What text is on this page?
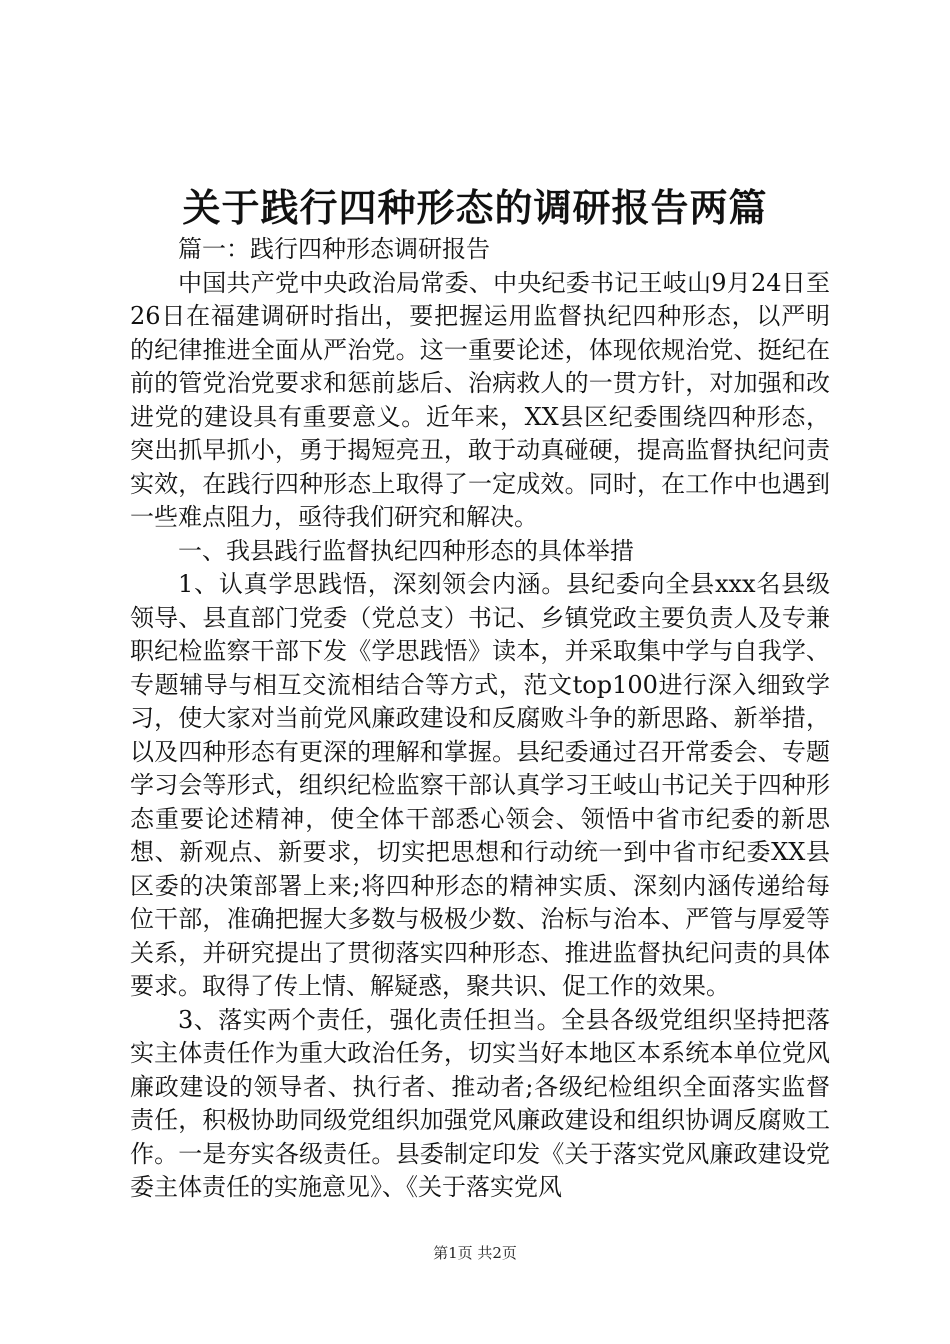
关于践行四种形态的调研报告两篇

篇一：践行四种形态调研报告

中国共产党中央政治局常委、中央纪委书记王岐山9月24日至26日在福建调研时指出，要把握运用监督执纪四种形态，以严明的纪律推进全面从严治党。这一重要论述，体现依规治党、挺纪在前的管党治党要求和惩前毖后、治病救人的一贯方针，对加强和改进党的建设具有重要意义。近年来，XX县区纪委围绕四种形态，突出抓早抓小，勇于揭短亮丑，敢于动真碰硬，提高监督执纪问责实效，在践行四种形态上取得了一定成效。同时，在工作中也遇到一些难点阻力，亟待我们研究和解决。

一、我县践行监督执纪四种形态的具体举措

1、认真学思践悟，深刻领会内涵。县纪委向全县xxx名县级领导、县直部门党委（党总支）书记、乡镇党政主要负责人及专兼职纪检监察干部下发《学思践悟》读本，并采取集中学与自我学、专题辅导与相互交流相结合等方式，范文top100进行深入细致学习，使大家对当前党风廉政建设和反腐败斗争的新思路、新举措，以及四种形态有更深的理解和掌握。县纪委通过召开常委会、专题学习会等形式，组织纪检监察干部认真学习王岐山书记关于四种形态重要论述精神，使全体干部悉心领会、领悟中省市纪委的新思想、新观点、新要求，切实把思想和行动统一到中省市纪委XX县区委的决策部署上来;将四种形态的精神实质、深刻内涵传递给每位干部，准确把握大多数与极极少数、治标与治本、严管与厚爱等关系，并研究提出了贯彻落实四种形态、推进监督执纪问责的具体要求。取得了传上情、解疑惑，聚共识、促工作的效果。

3、落实两个责任，强化责任担当。全县各级党组织坚持把落实主体责任作为重大政治任务，切实当好本地区本系统本单位党风廉政建设的领导者、执行者、推动者;各级纪检组织全面落实监督责任，积极协助同级党组织加强党风廉政建设和组织协调反腐败工作。一是夯实各级责任。县委制定印发《关于落实党风廉政建设党委主体责任的实施意见》、《关于落实党风

第1页 共2页
